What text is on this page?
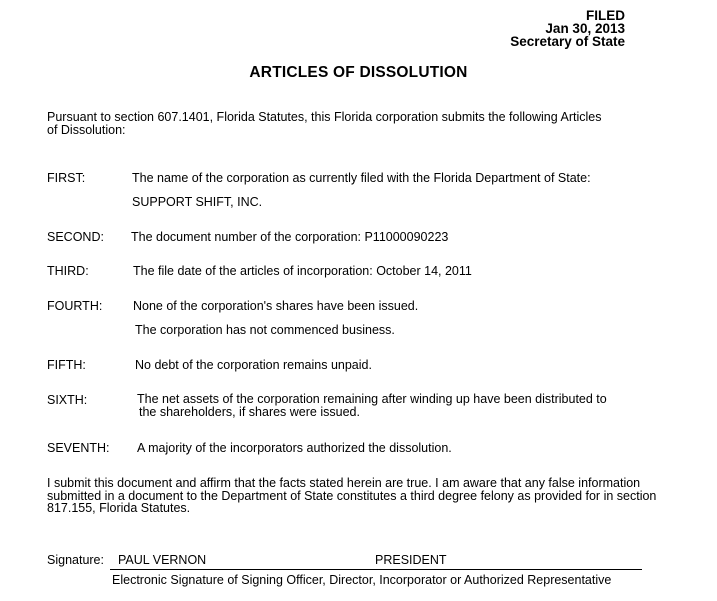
FILED
Jan 30, 2013
Secretary of State
ARTICLES OF DISSOLUTION
Pursuant to section 607.1401, Florida Statutes, this Florida corporation submits the following Articles
of Dissolution:
FIRST:	The name of the corporation as currently filed with the Florida Department of State:
SUPPORT SHIFT, INC.
SECOND: The document number of the corporation: P11000090223
THIRD:	The file date of the articles of incorporation: October 14, 2011
FOURTH: None of the corporation's shares have been issued.
The corporation has not commenced business.
FIFTH:	No debt of the corporation remains unpaid.
SIXTH:	The net assets of the corporation remaining after winding up have been distributed to
the shareholders, if shares were issued.
SEVENTH: A majority of the incorporators authorized the dissolution.
I submit this document and affirm that the facts stated herein are true. I am aware that any false information
submitted in a document to the Department of State constitutes a third degree felony as provided for in section
817.155, Florida Statutes.
Signature: PAUL VERNON	PRESIDENT
Electronic Signature of Signing Officer, Director, Incorporator or Authorized Representative
